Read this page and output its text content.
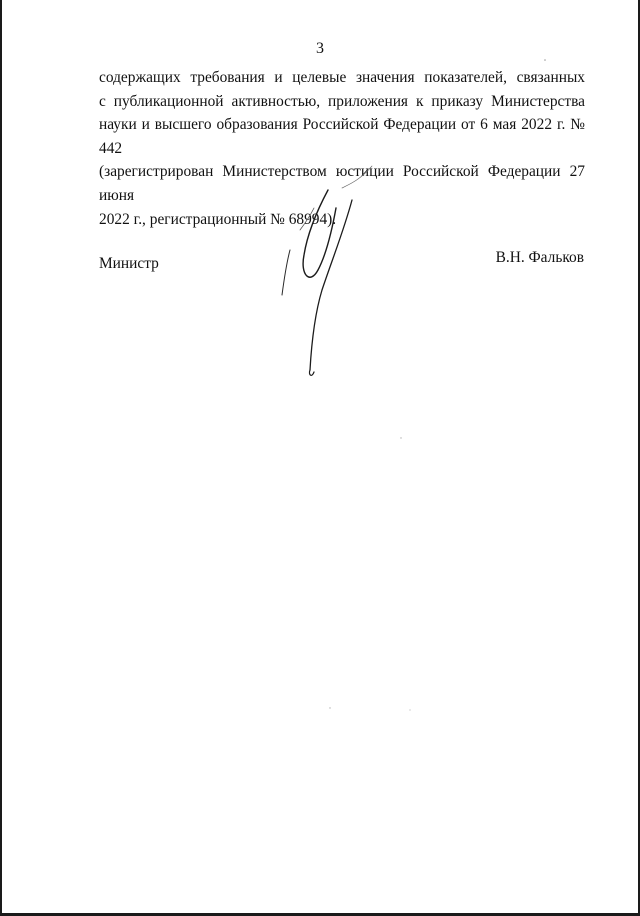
3
содержащих требования и целевые значения показателей, связанных
с публикационной активностью, приложения к приказу Министерства
науки и высшего образования Российской Федерации от 6 мая 2022 г. № 442
(зарегистрирован Министерством юстиции Российской Федерации 27 июня
2022 г., регистрационный № 68994).
Министр	В.Н. Фальков
